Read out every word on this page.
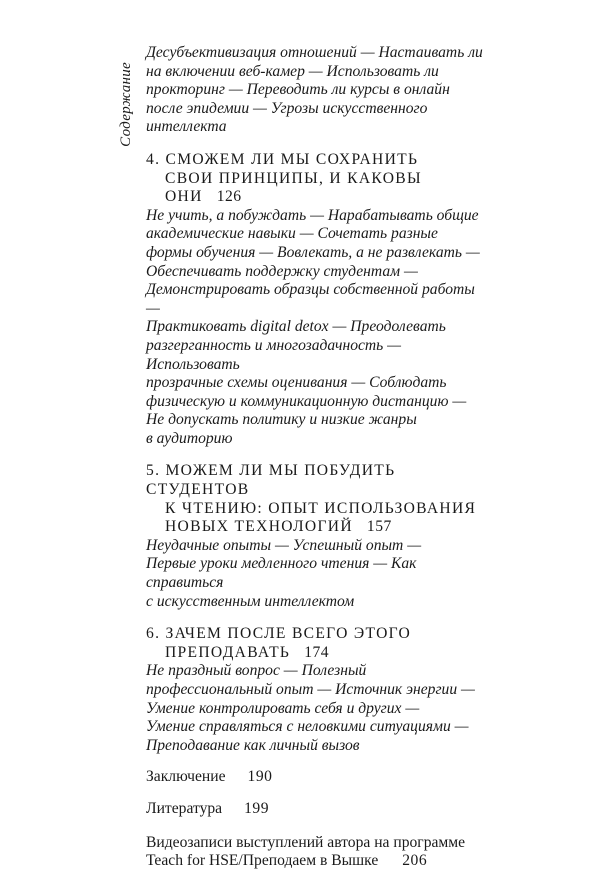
Содержание

Десубъективизация отношений — Настаивать ли

на включении веб-камер — Использовать ли

прокторинг — Переводить ли курсы в онлайн

после эпидемии — Угрозы искусственного

интеллекта

4. СМОЖЕМ ЛИ МЫ СОХРАНИТЬ
СВОИ ПРИНЦИПЫ, И КАКОВЫ ОНИ 126

Не учить, а побуждать — Нарабатывать общие

академические навыки — Сочетать разные

формы обучения — Вовлекать, а не развлекать —

Обеспечивать поддержку студентам —

Демонстрировать образцы собственной работы —

Практиковать digital detox — Преодолевать

разгерганность и многозадачность — Использовать

прозрачные схемы оценивания — Соблюдать

физическую и коммуникационную дистанцию —

Не допускать политику и низкие жанры

в аудиторию

5. МОЖЕМ ЛИ МЫ ПОБУДИТЬ СТУДЕНТОВ
К ЧТЕНИЮ: ОПЫТ ИСПОЛЬЗОВАНИЯ
НОВЫХ ТЕХНОЛОГИЙ 157

Неудачные опыты — Успешный опыт —

Первые уроки медленного чтения — Как справиться

с искусственным интеллектом

6. ЗАЧЕМ ПОСЛЕ ВСЕГО ЭТОГО
ПРЕПОДАВАТЬ 174

Не праздный вопрос — Полезный

профессиональный опыт — Источник энергии —

Умение контролировать себя и других —

Умение справляться с неловкими ситуациями —

Преподавание как личный вызов

Заключение 190

Литература 199

Видеозаписи выступлений автора на программе
Teach for HSE/Преподаем в Вышке 206
